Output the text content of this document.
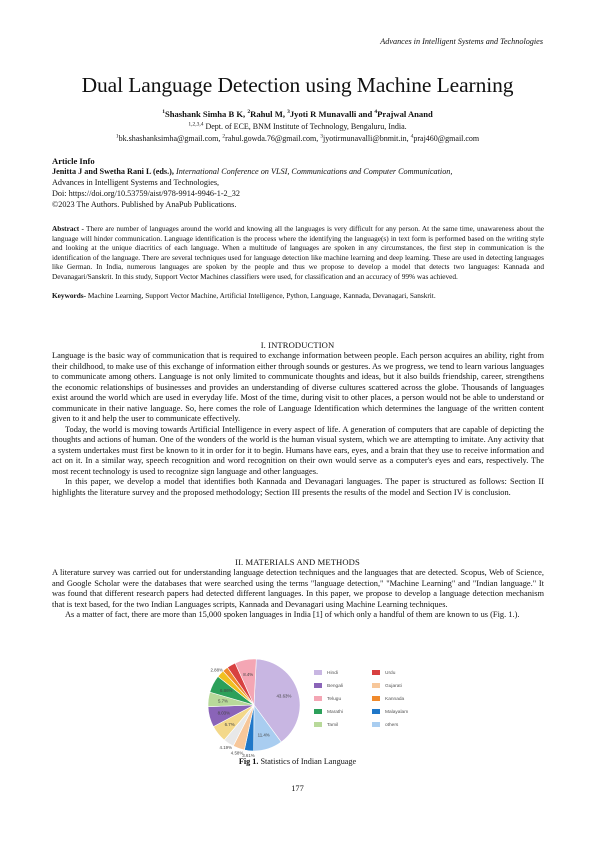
Advances in Intelligent Systems and Technologies
Dual Language Detection using Machine Learning
$^1$Shashank Simha B K, $^2$Rahul M, $^3$Jyoti R Munavalli and $^4$Prajwal Anand
$^{1,2,3,4}$ Dept. of ECE, BNM Institute of Technology, Bengaluru, India.
$^1$bk.shashanksimha@gmail.com, $^2$rahul.gowda.76@gmail.com, $^3$jyotirmunavalli@bnmit.in, $^4$praj460@gmail.com
Article Info
Jenitta J and Swetha Rani L (eds.), International Conference on VLSI, Communications and Computer Communication,
Advances in Intelligent Systems and Technologies,
Doi: https://doi.org/10.53759/aist/978-9914-9946-1-2_32
©2023 The Authors. Published by AnaPub Publications.
Abstract - There are number of languages around the world and knowing all the languages is very difficult for any person. At the same time, unawareness about the language will hinder communication. Language identification is the process where the identifying the language(s) in text form is performed based on the writing style and looking at the unique diacritics of each language. When a multitude of languages are spoken in any circumstances, the first step in communication is the identification of the language. There are several techniques used for language detection like machine learning and deep learning. These are used in detecting languages like German. In India, numerous languages are spoken by the people and thus we propose to develop a model that detects two languages: Kannada and Devanagari/Sanskrit. In this study, Support Vector Machines classifiers were used, for classification and an accuracy of 99% was achieved.
Keywords- Machine Learning, Support Vector Machine, Artificial Intelligence, Python, Language, Kannada, Devanagari, Sanskrit.
I. INTRODUCTION

Language is the basic way of communication that is required to exchange information between people. Each person acquires an ability, right from their childhood, to make use of this exchange of information either through sounds or gestures. As we progress, we tend to learn various languages to communicate among others. Language is not only limited to communicate thoughts and ideas, but it also builds friendship, career, strengthens the economic relationships of businesses and provides an understanding of diverse cultures scattered across the globe. Thousands of languages exist around the world which are used in everyday life. Most of the time, during visit to other places, a person would not be able to understand or communicate in their native language. So, here comes the role of Language Identification which determines the language of the written content given to it and help the user to communicate effectively.

Today, the world is moving towards Artificial Intelligence in every aspect of life. A generation of computers that are capable of depicting the thoughts and actions of human. One of the wonders of the world is the human visual system, which we are attempting to imitate. Any activity that a system undertakes must first be known to it in order for it to begin. Humans have ears, eyes, and a brain that they use to receive information and act on it. In a similar way, speech recognition and word recognition on their own would serve as a computer's eyes and ears, respectively. The most recent technology is used to recognize sign language and other languages.

In this paper, we develop a model that identifies both Kannada and Devanagari languages. The paper is structured as follows: Section II highlights the literature survey and the proposed methodology; Section III presents the results of the model and Section IV is conclusion.

II. MATERIALS AND METHODS

A literature survey was carried out for understanding language detection techniques and the languages that are detected. Scopus, Web of Science, and Google Scholar were the databases that were searched using the terms "language detection," "Machine Learning" and "Indian language." It was found that different research papers had detected different languages. In this paper, we propose to develop a language detection mechanism that is text based, for the two Indian Languages scripts, Kannada and Devanagari using Machine Learning techniques.

As a matter of fact, there are more than 15,000 spoken languages in India [1] of which only a handful of them are known to us (Fig. 1.).

43.63%
11.4%
3.61%
4.58%
4.19%
6.7%
8.03%
5.7%
6.86%
2.88%
8.4%	Hindi	Urdu
Bengali	Gujarati
Telugu	Kannada
Marathi	Malayalam
Tamil	others
Fig 1. Statistics of Indian Language
177
